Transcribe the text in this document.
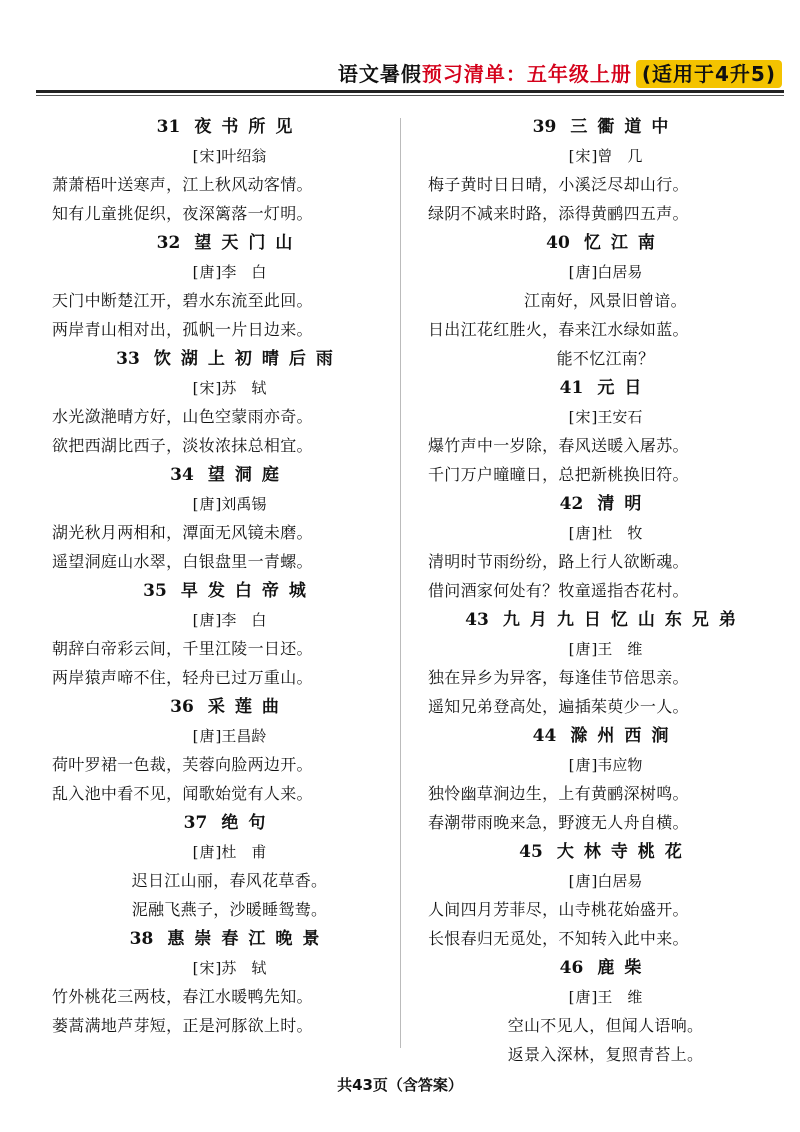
语文暑假预习清单：五年级上册 (适用于4升5)
31 夜书所见
[宋]叶绍翁
萧萧梧叶送寒声，江上秋风动客情。
知有儿童挑促织，夜深篱落一灯明。
32 望天门山
[唐]李　白
天门中断楚江开，碧水东流至此回。
两岸青山相对出，孤帆一片日边来。
33 饮湖上初晴后雨
[宋]苏　轼
水光潋滟晴方好，山色空蒙雨亦奇。
欲把西湖比西子，淡妆浓抹总相宜。
34 望洞庭
[唐]刘禹锡
湖光秋月两相和，潭面无风镜未磨。
遥望洞庭山水翠，白银盘里一青螺。
35 早发白帝城
[唐]李　白
朝辞白帝彩云间，千里江陵一日还。
两岸猿声啼不住，轻舟已过万重山。
36 采莲曲
[唐]王昌龄
荷叶罗裙一色裁，芙蓉向脸两边开。
乱入池中看不见，闻歌始觉有人来。
37 绝句
[唐]杜　甫
迟日江山丽，春风花草香。
泥融飞燕子，沙暖睡鸳鸯。
38 惠崇春江晚景
[宋]苏　轼
竹外桃花三两枝，春江水暖鸭先知。
蒌蒿满地芦芽短，正是河豚欲上时。
39 三衢道中
[宋]曾　几
梅子黄时日日晴，小溪泛尽却山行。
绿阴不减来时路，添得黄鹂四五声。
40 忆江南
[唐]白居易
江南好，风景旧曾谙。
日出江花红胜火，春来江水绿如蓝。
能不忆江南？
41 元日
[宋]王安石
爆竹声中一岁除，春风送暖入屠苏。
千门万户曈曈日，总把新桃换旧符。
42 清明
[唐]杜　牧
清明时节雨纷纷，路上行人欲断魂。
借问酒家何处有？牧童遥指杏花村。
43 九月九日忆山东兄弟
[唐]王　维
独在异乡为异客，每逢佳节倍思亲。
遥知兄弟登高处，遍插茱萸少一人。
44 滁州西涧
[唐]韦应物
独怜幽草涧边生，上有黄鹂深树鸣。
春潮带雨晚来急，野渡无人舟自横。
45 大林寺桃花
[唐]白居易
人间四月芳菲尽，山寺桃花始盛开。
长恨春归无觅处，不知转入此中来。
46 鹿柴
[唐]王　维
空山不见人，但闻人语响。
返景入深林，复照青苔上。
共43页（含答案）
